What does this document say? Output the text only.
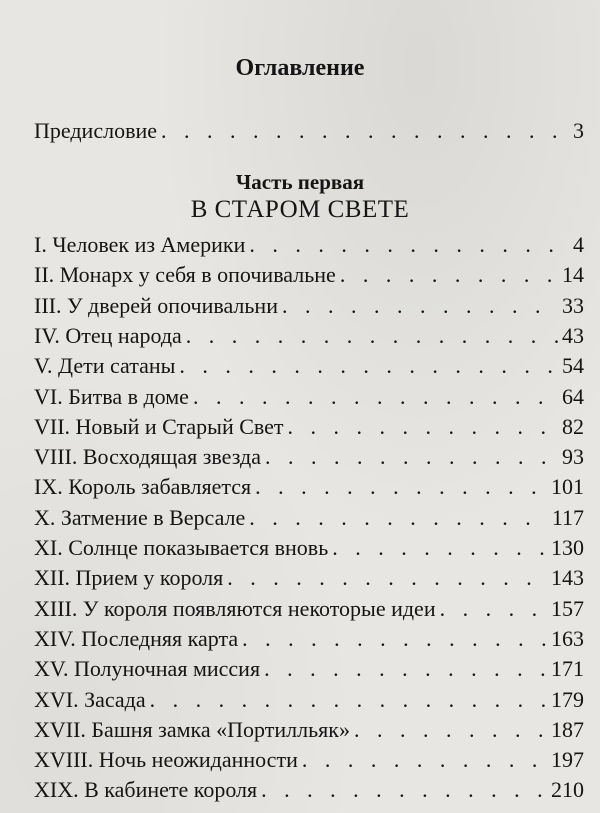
Оглавление
Предисловие . . .	3
Часть первая
В СТАРОМ СВЕТЕ
I. Человек из Америки . . .	4
II. Монарх у себя в опочивальне . . .	14
III. У дверей опочивальни . . .	33
IV. Отец народа . . .	43
V. Дети сатаны . . .	54
VI. Битва в доме . . .	64
VII. Новый и Старый Свет . . .	82
VIII. Восходящая звезда . . .	93
IX. Король забавляется . . .	101
X. Затмение в Версале . . .	117
XI. Солнце показывается вновь . . .	130
XII. Прием у короля . . .	143
XIII. У короля появляются некоторые идеи . . .	157
XIV. Последняя карта . . .	163
XV. Полуночная миссия . . .	171
XVI. Засада . . .	179
XVII. Башня замка «Портилльяк» . . .	187
XVIII. Ночь неожиданности . . .	197
XIX. В кабинете короля . . .	210
